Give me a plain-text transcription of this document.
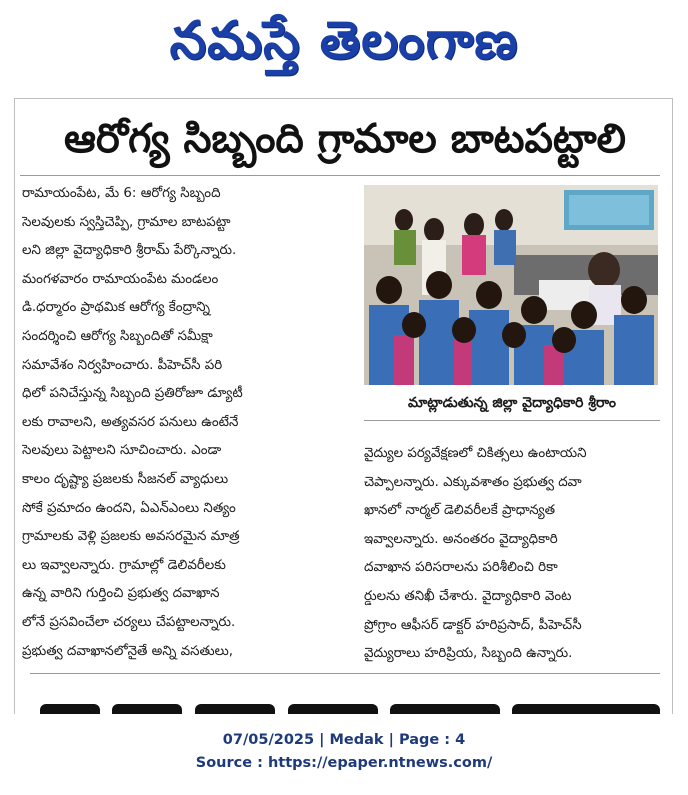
నమస్తే తెలంగాణ
ఆరోగ్య సిబ్బంది గ్రామాల బాటపట్టాలి
రామాయంపేట, మే 6: ఆరోగ్య సిబ్బంది
సెలవులకు స్వస్తిచెప్పి, గ్రామాల బాటపట్టా
లని జిల్లా వైద్యాధికారి శ్రీరామ్ పేర్కొన్నారు.
మంగళవారం రామాయంపేట మండలం
డి.ధర్మారం ప్రాథమిక ఆరోగ్య కేంద్రాన్ని
సందర్శించి ఆరోగ్య సిబ్బందితో సమీక్షా
సమావేశం నిర్వహించారు. పీహెచ్‌సీ పరి
ధిలో పనిచేస్తున్న సిబ్బంది ప్రతిరోజూ డ్యూటీ
లకు రావాలని, అత్యవసర పనులు ఉంటేనే
సెలవులు పెట్టాలని సూచించారు. ఎండా
కాలం దృష్ట్యా ప్రజలకు సీజనల్ వ్యాధులు
సోకే ప్రమాదం ఉందని, ఏఎన్ఎంలు నిత్యం
గ్రామాలకు వెళ్లి ప్రజలకు అవసరమైన మాత్ర
లు ఇవ్వాలన్నారు. గ్రామాల్లో డెలివరీలకు
ఉన్న వారిని గుర్తించి ప్రభుత్వ దవాఖాన
లోనే ప్రసవించేలా చర్యలు చేపట్టాలన్నారు.
ప్రభుత్వ దవాఖానలోనైతే అన్ని వసతులు,
మాట్లాడుతున్న జిల్లా వైద్యాధికారి శ్రీరాం
వైద్యుల పర్యవేక్షణలో చికిత్సలు ఉంటాయని
చెప్పాలన్నారు. ఎక్కువశాతం ప్రభుత్వ దవా
ఖానలో నార్మల్ డెలివరీలకే ప్రాధాన్యత
ఇవ్వాలన్నారు. అనంతరం వైద్యాధికారి
దవాఖాన పరిసరాలను పరిశీలించి రికా
ర్డులను తనిఖీ చేశారు. వైద్యాధికారి వెంట
ప్రోగ్రాం ఆఫీసర్ డాక్టర్ హరిప్రసాద్, పీహెచ్‌సీ
వైద్యురాలు హరిప్రియ, సిబ్బంది ఉన్నారు.
07/05/2025 | Medak | Page : 4
Source : https://epaper.ntnews.com/
